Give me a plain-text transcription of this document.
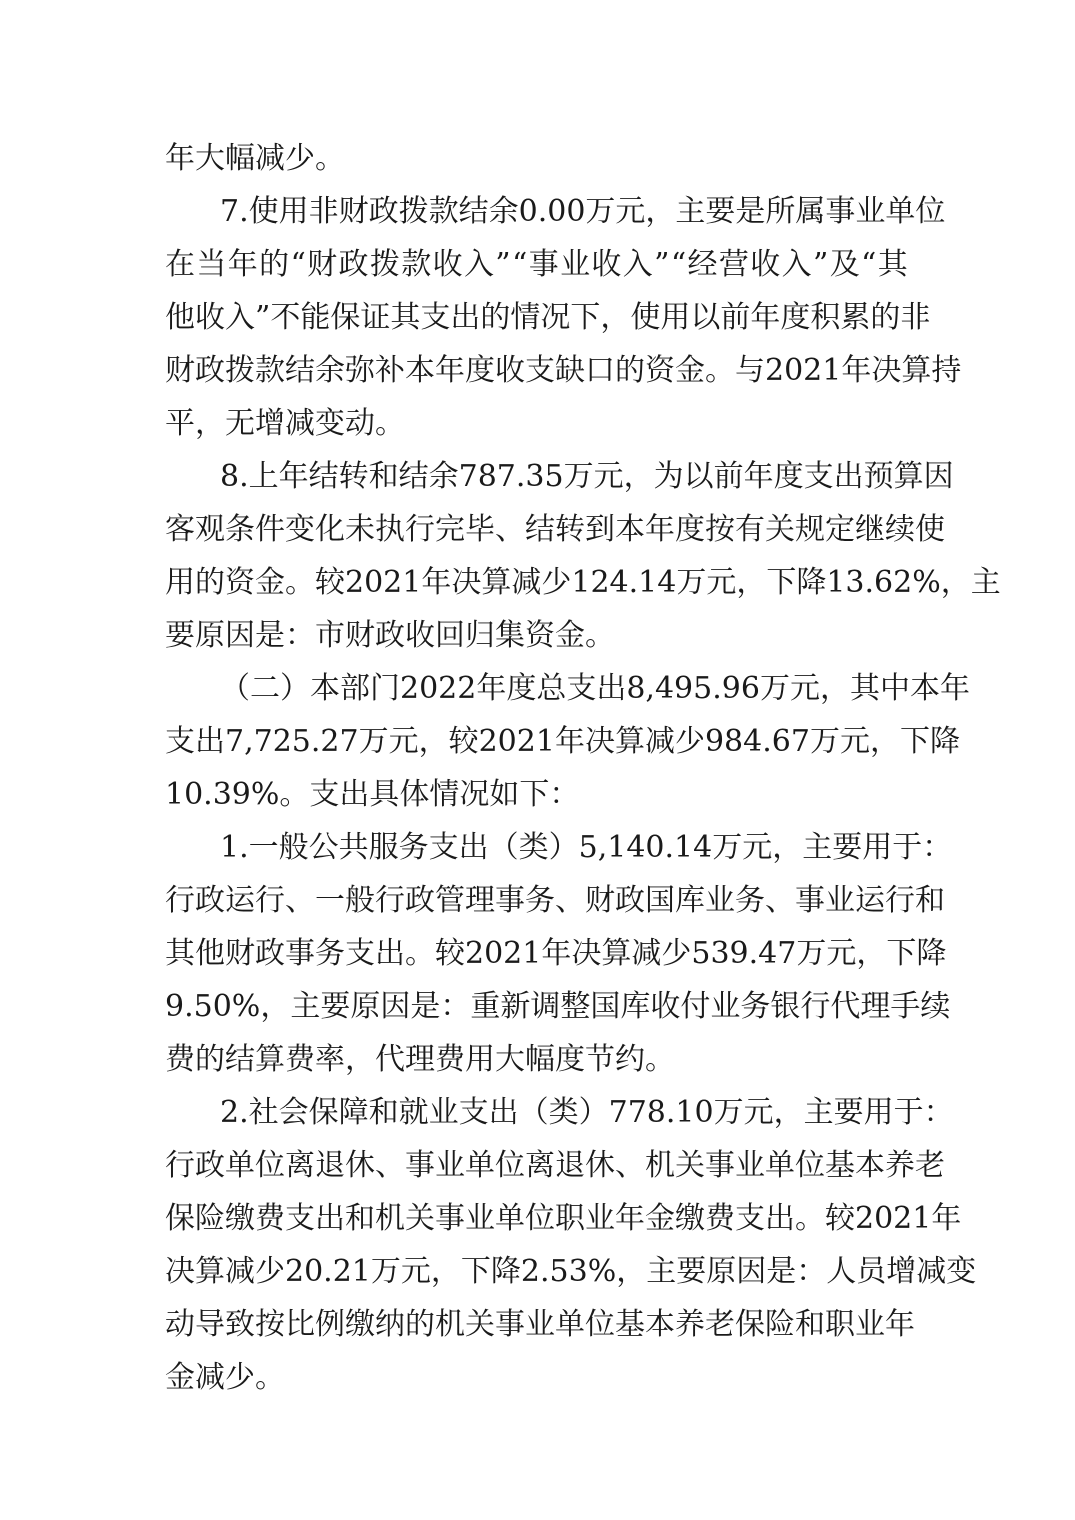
年大幅减少。
7.使用非财政拨款结余0.00万元，主要是所属事业单位
在 当 年 的 “ 财 政 拨 款 收 入 ” “ 事 业 收 入 ” “ 经 营 收 入 ” 及 “ 其
他 收 入 ” 不 能 保 证 其 支 出 的 情 况 下 ， 使 用 以 前 年 度 积 累 的 非
财 政 拨 款 结 余 弥 补 本 年 度 收 支 缺 口 的 资 金 。 与 2021 年 决 算 持
平，无增减变动。
8.上年结转和结余787.35万元，为以前年度支出预算因
客 观 条 件 变 化 未 执 行 完 毕 、 结 转 到 本 年 度 按 有 关 规 定 继 续 使
用 的 资 金 。 较 2021 年 决 算 减 少 124.14 万 元 ， 下 降 13.62% ， 主
要原因是：市财政收回归集资金。
（二）本部门2022年度总支出8,495.96万元，其中本年
支 出 7,725.27 万 元 ， 较 2021 年 决 算 减 少 984.67 万 元 ， 下 降
10.39%。支出具体情况如下：
1.一般公共服务支出（类）5,140.14万元，主要用于：
行 政 运 行 、 一 般 行 政 管 理 事 务 、 财 政 国 库 业 务 、 事 业 运 行 和
其 他 财 政 事 务 支 出 。 较 2021 年 决 算 减 少 539.47 万 元 ， 下 降
9.50% ， 主 要 原 因 是 ： 重 新 调 整 国 库 收 付 业 务 银 行 代 理 手 续
费的结算费率，代理费用大幅度节约。
2.社会保障和就业支出（类）778.10万元，主要用于：
行 政 单 位 离 退 休 、 事 业 单 位 离 退 休 、 机 关 事 业 单 位 基 本 养 老
保 险 缴 费 支 出 和 机 关 事 业 单 位 职 业 年 金 缴 费 支 出 。 较 2021 年
决 算 减 少 20.21 万 元 ， 下 降 2.53% ， 主 要 原 因 是 ： 人 员 增 减 变
动 导 致 按 比 例 缴 纳 的 机 关 事 业 单 位 基 本 养 老 保 险 和 职 业 年
金减少。
